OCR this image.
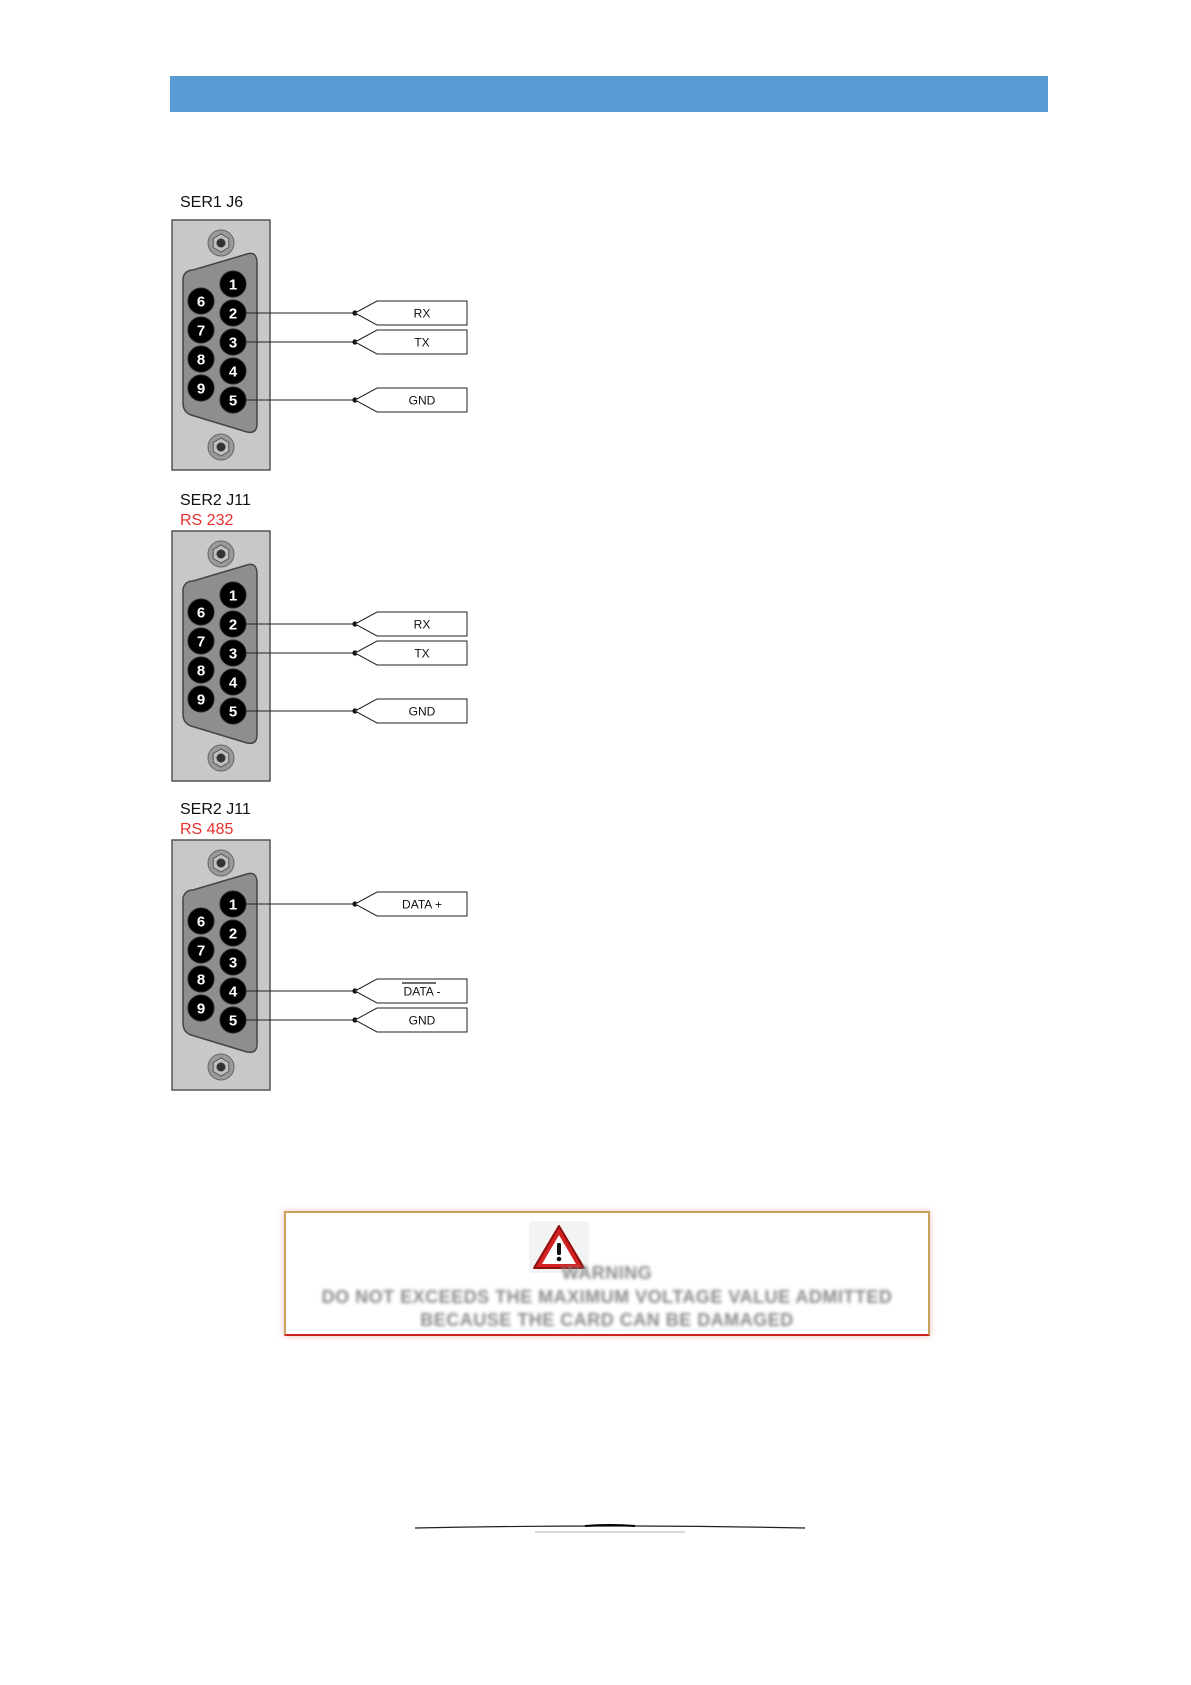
SER1 J6
RX
TX
GND
1
2
3
4
5
6
7
8
9
SER2 J11
RS 232
RX
TX
GND
1
2
3
4
5
6
7
8
9
SER2 J11
RS 485
DATA +
DATA -
GND
1
2
3
4
5
6
7
8
9
WARNING
DO NOT EXCEEDS THE MAXIMUM VOLTAGE VALUE ADMITTED
BECAUSE THE CARD CAN BE DAMAGED
